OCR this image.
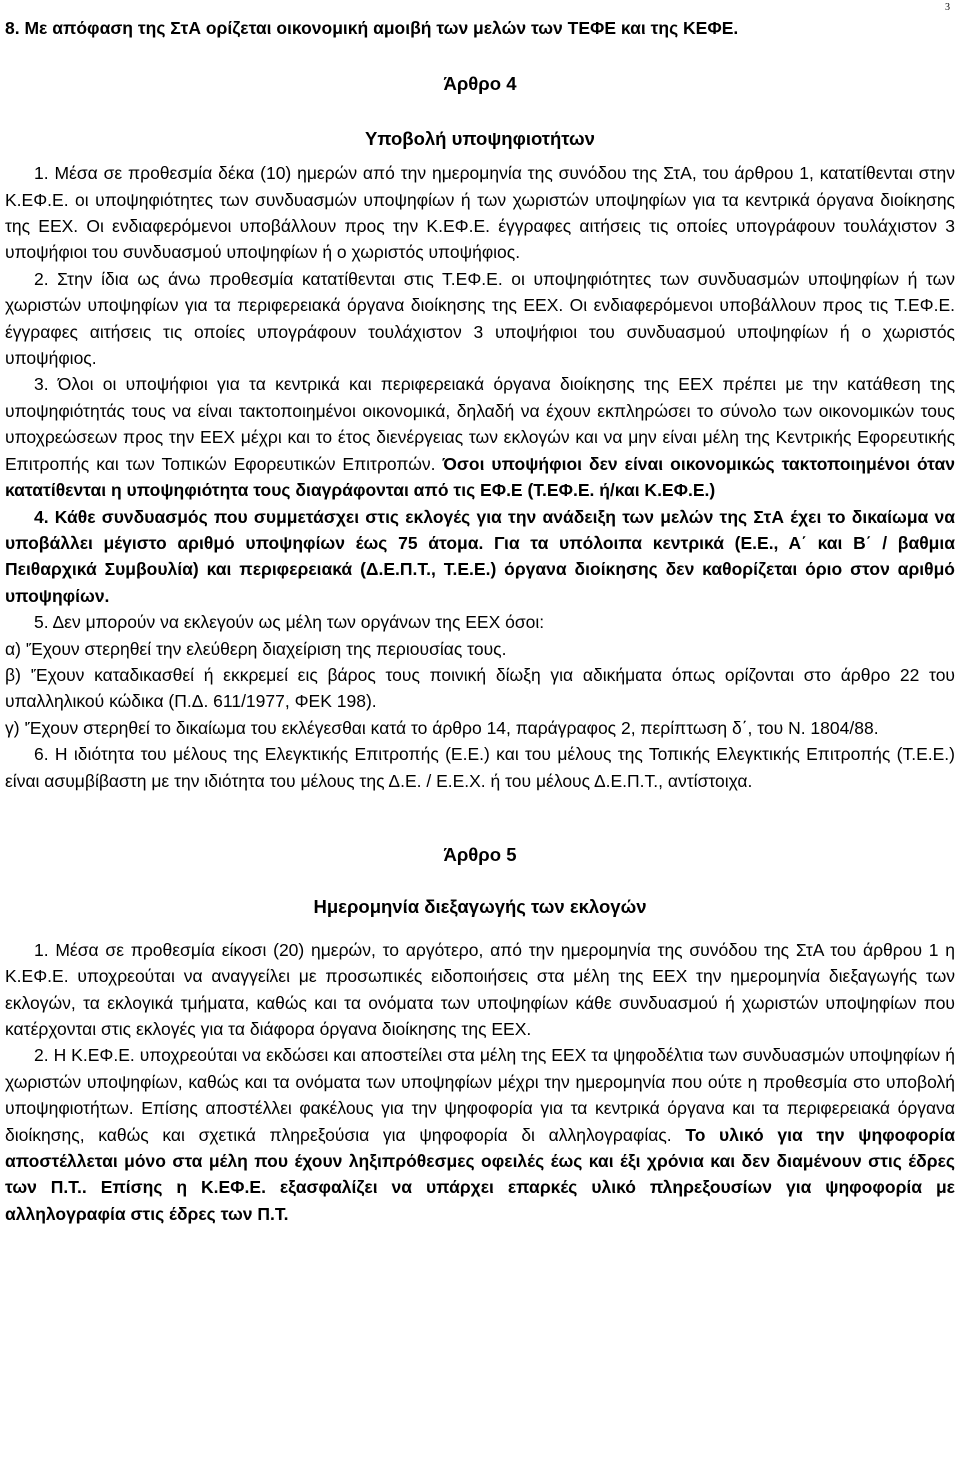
3

8. Με απόφαση της ΣτΑ ορίζεται οικονομική αμοιβή των μελών των ΤΕΦΕ και της ΚΕΦΕ.

Άρθρο 4

Υποβολή υποψηφιοτήτων

1. Μέσα σε προθεσμία δέκα (10) ημερών από την ημερομηνία της συνόδου της ΣτΑ, του άρθρου 1, κατατίθενται στην Κ.ΕΦ.Ε. οι υποψηφιότητες των συνδυασμών υποψηφίων ή των χωριστών υποψηφίων για τα κεντρικά όργανα διοίκησης της ΕΕΧ. Οι ενδιαφερόμενοι υποβάλλουν προς την Κ.ΕΦ.Ε. έγγραφες αιτήσεις τις οποίες υπογράφουν τουλάχιστον 3 υποψήφιοι του συνδυασμού υποψηφίων ή ο χωριστός υποψήφιος.

2. Στην ίδια ως άνω προθεσμία κατατίθενται στις Τ.ΕΦ.Ε. οι υποψηφιότητες των συνδυασμών υποψηφίων ή των χωριστών υποψηφίων για τα περιφερειακά όργανα διοίκησης της ΕΕΧ. Οι ενδιαφερόμενοι υποβάλλουν προς τις Τ.ΕΦ.Ε. έγγραφες αιτήσεις τις οποίες υπογράφουν τουλάχιστον 3 υποψήφιοι του συνδυασμού υποψηφίων ή ο χωριστός υποψήφιος.

3. Όλοι οι υποψήφιοι για τα κεντρικά και περιφερειακά όργανα διοίκησης της ΕΕΧ πρέπει με την κατάθεση της υποψηφιότητάς τους να είναι τακτοποιημένοι οικονομικά, δηλαδή να έχουν εκπληρώσει το σύνολο των οικονομικών τους υποχρεώσεων προς την ΕΕΧ μέχρι και το έτος διενέργειας των εκλογών και να μην είναι μέλη της Κεντρικής Εφορευτικής Επιτροπής και των Τοπικών Εφορευτικών Επιτροπών. Όσοι υποψήφιοι δεν είναι οικονομικώς τακτοποιημένοι όταν κατατίθενται η υποψηφιότητα τους διαγράφονται από τις ΕΦ.Ε (Τ.ΕΦ.Ε. ή/και Κ.ΕΦ.Ε.)

4. Κάθε συνδυασμός που συμμετάσχει στις εκλογές για την ανάδειξη των μελών της ΣτΑ έχει το δικαίωμα να υποβάλλει μέγιστο αριθμό υποψηφίων έως 75 άτομα. Για τα υπόλοιπα κεντρικά (Ε.Ε., Α΄ και Β΄ / βαθμια Πειθαρχικά Συμβουλία) και περιφερειακά (Δ.Ε.Π.Τ., Τ.Ε.Ε.) όργανα διοίκησης δεν καθορίζεται όριο στον αριθμό υποψηφίων.

5. Δεν μπορούν να εκλεγούν ως μέλη των οργάνων της ΕΕΧ όσοι:

α) 'Έχουν στερηθεί την ελεύθερη διαχείριση της περιουσίας τους.

β) 'Έχουν καταδικασθεί ή εκκρεμεί εις βάρος τους ποινική δίωξη για αδικήματα όπως ορίζονται στο άρθρο 22 του υπαλληλικού κώδικα (Π.Δ. 611/1977, ΦΕΚ 198).

γ) 'Έχουν στερηθεί το δικαίωμα του εκλέγεσθαι κατά το άρθρο 14, παράγραφος 2, περίπτωση δ΄, του Ν. 1804/88.

6. Η ιδιότητα του μέλους της Ελεγκτικής Επιτροπής (Ε.Ε.) και του μέλους της Τοπικής Ελεγκτικής Επιτροπής (Τ.Ε.Ε.) είναι ασυμβίβαστη με την ιδιότητα του μέλους της Δ.Ε. / Ε.Ε.Χ. ή του μέλους Δ.Ε.Π.Τ., αντίστοιχα.

Άρθρο 5

Ημερομηνία διεξαγωγής των εκλογών

1. Μέσα σε προθεσμία είκοσι (20) ημερών, το αργότερο, από την ημερομηνία της συνόδου της ΣτΑ του άρθρου 1 η Κ.ΕΦ.Ε. υποχρεούται να αναγγείλει με προσωπικές ειδοποιήσεις στα μέλη της ΕΕΧ την ημερομηνία διεξαγωγής των εκλογών, τα εκλογικά τμήματα, καθώς και τα ονόματα των υποψηφίων κάθε συνδυασμού ή χωριστών υποψηφίων που κατέρχονται στις εκλογές για τα διάφορα όργανα διοίκησης της ΕΕΧ.

2. Η Κ.ΕΦ.Ε. υποχρεούται να εκδώσει και αποστείλει στα μέλη της ΕΕΧ τα ψηφοδέλτια των συνδυασμών υποψηφίων ή χωριστών υποψηφίων, καθώς και τα ονόματα των υποψηφίων μέχρι την ημερομηνία που ούτε η προθεσμία στο υποβολή υποψηφιοτήτων. Επίσης αποστέλλει φακέλους για την ψηφοφορία για τα κεντρικά όργανα και τα περιφερειακά όργανα διοίκησης, καθώς και σχετικά πληρεξούσια για ψηφοφορία δι αλληλογραφίας. Το υλικό για την ψηφοφορία αποστέλλεται μόνο στα μέλη που έχουν ληξιπρόθεσμες οφειλές έως και έξι χρόνια και δεν διαμένουν στις έδρες των Π.Τ.. Επίσης η Κ.ΕΦ.Ε. εξασφαλίζει να υπάρχει επαρκές υλικό πληρεξουσίων για ψηφοφορία με αλληλογραφία στις έδρες των Π.Τ.
